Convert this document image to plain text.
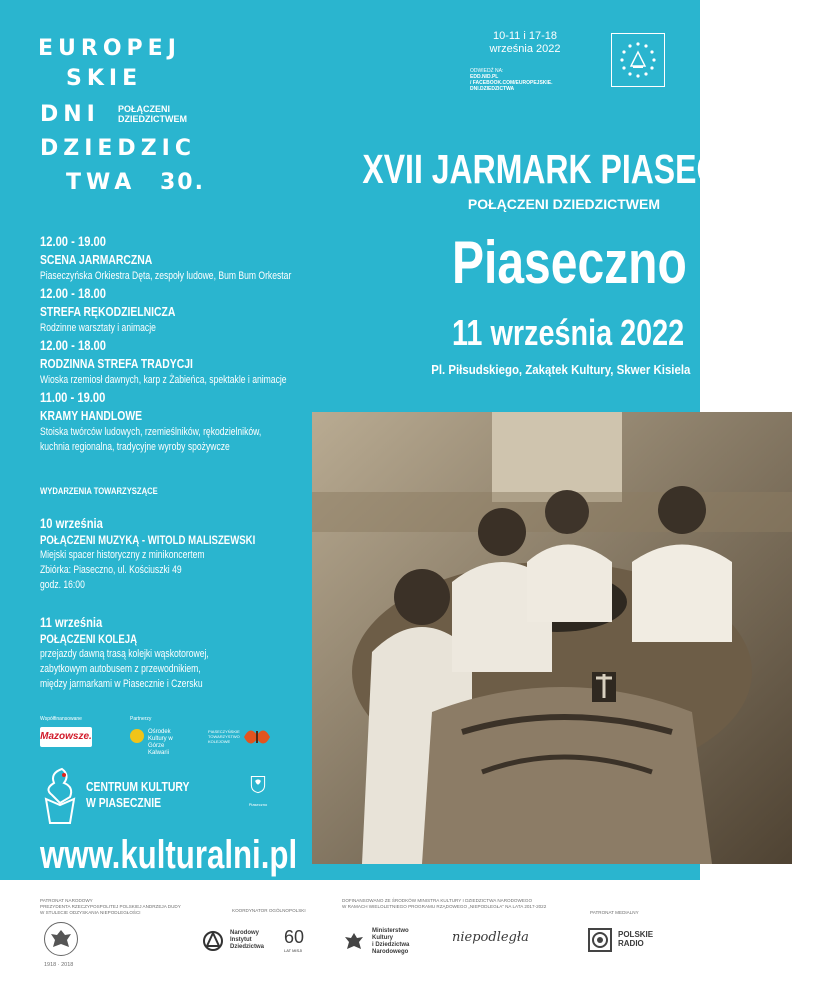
EUROPEJ
SKIE
DNI POŁĄCZENI
DZIEDZICTWEM
DZIEDZIC
TWA 30.
10-11 i 17-18
września 2022
ODWIEDŹ NA:
EDD.NID.PL
/ FACEBOOK.COM/EUROPEJSKIE.
DNI.DZIEDZICTWA
XVII JARMARK PIASECZYŃSKI
POŁĄCZENI DZIEDZICTWEM
Piaseczno
11 września 2022
Pl. Piłsudskiego, Zakątek Kultury, Skwer Kisiela
12.00 - 19.00
SCENA JARMARCZNA
Piaseczyńska Orkiestra Dęta, zespoły ludowe, Bum Bum Orkestar
12.00 - 18.00
STREFA RĘKODZIELNICZA
Rodzinne warsztaty i animacje
12.00 - 18.00
RODZINNA STREFA TRADYCJI
Wioska rzemiosł dawnych, karp z Żabieńca, spektakle i animacje
11.00 - 19.00
KRAMY HANDLOWE
Stoiska twórców ludowych, rzemieślników, rękodzielników,
kuchnia regionalna, tradycyjne wyroby spożywcze
WYDARZENIA TOWARZYSZĄCE
10 września
POŁĄCZENI MUZYKĄ - WITOLD MALISZEWSKI
Miejski spacer historyczny z minikoncertem
Zbiórka: Piaseczno, ul. Kościuszki 49
godz. 16:00
11 września
POŁĄCZENI KOLEJĄ
przejazdy dawną trasą kolejki wąskotorowej,
zabytkowym autobusem z przewodnikiem,
między jarmarkami w Piasecznie i Czersku
Współfinansowane	Partnerzy
Mazowsze.	Ośrodek Kultury w Górze Kalwarii
PIASECZYŃSKIE TOWARZYSTWO KOLEJOWE
CENTRUM KULTURY
W PIASECZNIE	Piaseczno
www.kulturalni.pl
PATRONAT NARODOWY
PREZYDENTA RZECZYPOSPOLITEJ POLSKIEJ ANDRZEJA DUDY
W STULECIE ODZYSKANIA NIEPODLEGŁOŚCI
1918 · 2018
KOORDYNATOR OGÓLNOPOLSKI
Narodowy
Instytut
Dziedzictwa 60
LAT MISJI
DOFINANSOWANO ZE ŚRODKÓW MINISTRA KULTURY I DZIEDZICTWA NARODOWEGO
W RAMACH WIELOLETNIEGO PROGRAMU RZĄDOWEGO „NIEPODLEGŁA” NA LATA 2017-2022
Ministerstwo
Kultury
i Dziedzictwa
Narodowego
niepodległa
PATRONAT MEDIALNY
POLSKIE
RADIO
